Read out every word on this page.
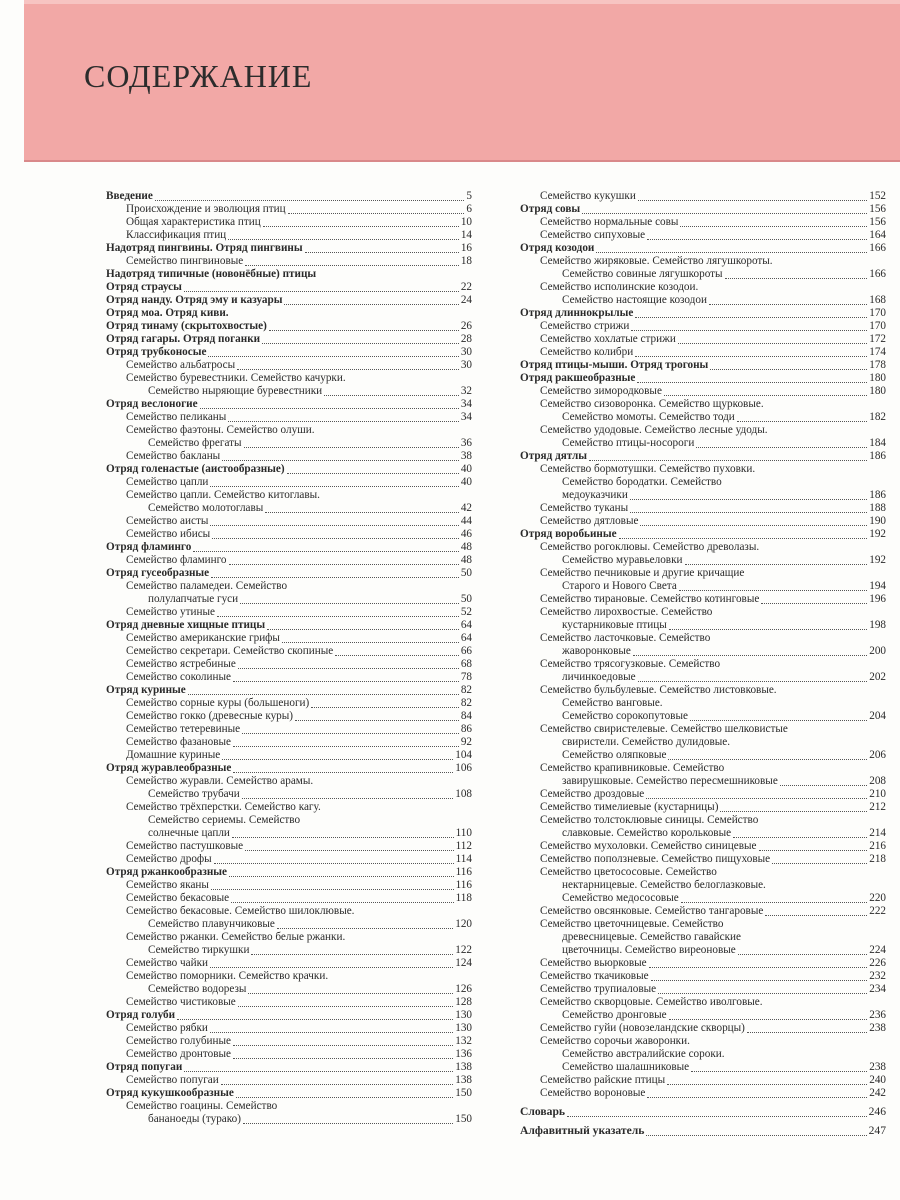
СОДЕРЖАНИЕ
Введение	5
Происхождение и эволюция птиц	6
Общая характеристика птиц	10
Классификация птиц	14
Надотряд пингвины. Отряд пингвины	16
Семейство пингвиновые	18
Надотряд типичные (новонёбные) птицы
Отряд страусы	22
Отряд нанду. Отряд эму и казуары	24
Отряд моа. Отряд киви.
Отряд тинаму (скрытохвостые)	26
Отряд гагары. Отряд поганки	28
Отряд трубконосые	30
Семейство альбатросы	30
Семейство буревестники. Семейство качурки.
Семейство ныряющие буревестники	32
Отряд веслоногие	34
Семейство пеликаны	34
Семейство фаэтоны. Семейство олуши.
Семейство фрегаты	36
Семейство бакланы	38
Отряд голенастые (аистообразные)	40
Семейство цапли	40
Семейство цапли. Семейство китоглавы.
Семейство молотоглавы	42
Семейство аисты	44
Семейство ибисы	46
Отряд фламинго	48
Семейство фламинго	48
Отряд гусеобразные	50
Семейство паламедеи. Семейство
полулапчатые гуси	50
Семейство утиные	52
Отряд дневные хищные птицы	64
Семейство американские грифы	64
Семейство секретари. Семейство скопиные	66
Семейство ястребиные	68
Семейство соколиные	78
Отряд куриные	82
Семейство сорные куры (большеноги)	82
Семейство гокко (древесные куры)	84
Семейство тетеревиные	86
Семейство фазановые	92
Домашние куриные	104
Отряд журавлеобразные	106
Семейство журавли. Семейство арамы.
Семейство трубачи	108
Семейство трёхперстки. Семейство кагу.
Семейство сериемы. Семейство
солнечные цапли	110
Семейство пастушковые	112
Семейство дрофы	114
Отряд ржанкообразные	116
Семейство яканы	116
Семейство бекасовые	118
Семейство бекасовые. Семейство шилоклювые.
Семейство плавунчиковые	120
Семейство ржанки. Семейство белые ржанки.
Семейство тиркушки	122
Семейство чайки	124
Семейство поморники. Семейство крачки.
Семейство водорезы	126
Семейство чистиковые	128
Отряд голуби	130
Семейство рябки	130
Семейство голубиные	132
Семейство дронтовые	136
Отряд попугаи	138
Семейство попугаи	138
Отряд кукушкообразные	150
Семейство гоацины. Семейство
бананоеды (турако)	150
Семейство кукушки	152
Отряд совы	156
Семейство нормальные совы	156
Семейство сипуховые	164
Отряд козодои	166
Семейство жиряковые. Семейство лягушкороты.
Семейство совиные лягушкороты	166
Семейство исполинские козодои.
Семейство настоящие козодои	168
Отряд длиннокрылые	170
Семейство стрижи	170
Семейство хохлатые стрижи	172
Семейство колибри	174
Отряд птицы-мыши. Отряд трогоны	178
Отряд ракшеобразные	180
Семейство зимородковые	180
Семейство сизоворонка. Семейство щурковые.
Семейство момоты. Семейство тоди	182
Семейство удодовые. Семейство лесные удоды.
Семейство птицы-носороги	184
Отряд дятлы	186
Семейство бормотушки. Семейство пуховки.
Семейство бородатки. Семейство
медоуказчики	186
Семейство туканы	188
Семейство дятловые	190
Отряд воробьиные	192
Семейство рогоклювы. Семейство древолазы.
Семейство муравьеловки	192
Семейство печниковые и другие кричащие
Старого и Нового Света	194
Семейство тирановые. Семейство котинговые	196
Семейство лирохвостые. Семейство
кустарниковые птицы	198
Семейство ласточковые. Семейство
жаворонковые	200
Семейство трясогузковые. Семейство
личинкоедовые	202
Семейство бульбулевые. Семейство листовковые.
Семейство ванговые.
Семейство сорокопутовые	204
Семейство свиристелевые. Семейство шелковистые
свиристели. Семейство дулидовые.
Семейство оляпковые	206
Семейство крапивниковые. Семейство
завирушковые. Семейство пересмешниковые	208
Семейство дроздовые	210
Семейство тимелиевые (кустарницы)	212
Семейство толстоклювые синицы. Семейство
славковые. Семейство корольковые	214
Семейство мухоловки. Семейство синицевые	216
Семейство поползневые. Семейство пищуховые	218
Семейство цветососовые. Семейство
нектарницевые. Семейство белоглазковые.
Семейство медососовые	220
Семейство овсянковые. Семейство тангаровые	222
Семейство цветочницевые. Семейство
древесницевые. Семейство гавайские
цветочницы. Семейство виреоновые	224
Семейство вьюрковые	226
Семейство ткачиковые	232
Семейство трупиаловые	234
Семейство скворцовые. Семейство иволговые.
Семейство дронговые	236
Семейство гуйи (новозеландские скворцы)	238
Семейство сорочьи жаворонки.
Семейство австралийские сороки.
Семейство шалашниковые	238
Семейство райские птицы	240
Семейство вороновые	242
Словарь	246
Алфавитный указатель	247
